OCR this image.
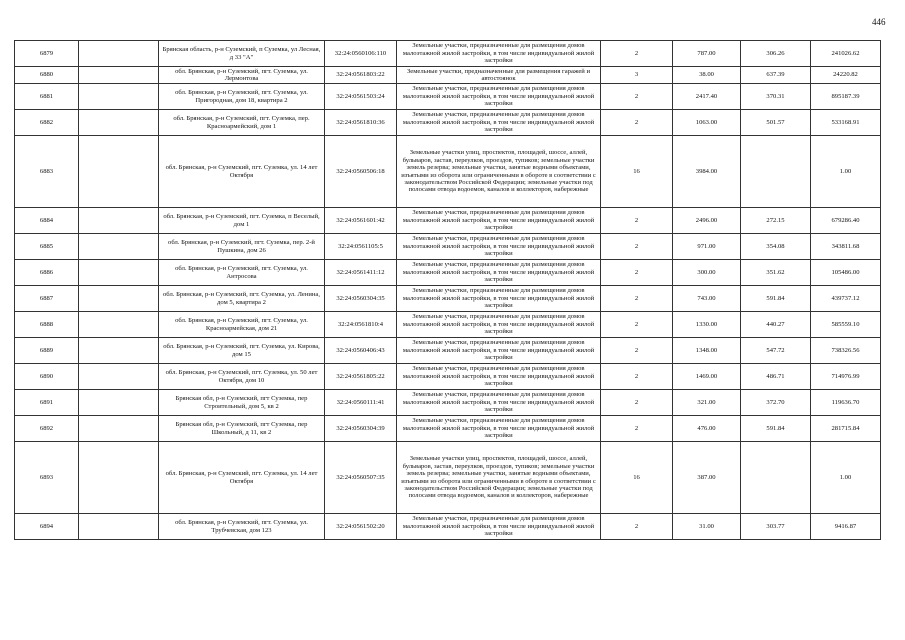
446
6879		Брянская область, р-н Суземский, п Суземка, ул Лесная, д 33 "А"	32:24:0560106:110	Земельные участки, предназначенные для размещения домов малоэтажной жилой застройки, в том числе индивидуальной жилой застройки	2	787.00	306.26	241026.62
6880		обл. Брянская, р-н Суземский, пгт. Суземка, ул. Лермонтова	32:24:0561803:22	Земельные участки, предназначенные для размещения гаражей и автостоянок	3	38.00	637.39	24220.82
6881		обл. Брянская, р-н Суземский, пгт. Суземка, ул. Пригородная, дом 18, квартира 2	32:24:0561503:24	Земельные участки, предназначенные для размещения домов малоэтажной жилой застройки, в том числе индивидуальной жилой застройки	2	2417.40	370.31	895187.39
6882		обл. Брянская, р-н Суземский, пгт. Суземка, пер. Красноармейский, дом 1	32:24:0561810:36	Земельные участки, предназначенные для размещения домов малоэтажной жилой застройки, в том числе индивидуальной жилой застройки	2	1063.00	501.57	533168.91
6883		обл. Брянская, р-н Суземский, пгт. Суземка, ул. 14 лет Октября	32:24:0560506:18	Земельные участки улиц, проспектов, площадей, шоссе, аллей, бульваров, застав, переулков, проездов, тупиков; земельные участки земель резерва; земельные участки, занятые водными объектами, изъятыми из оборота или ограниченными в обороте в соответствии с законодательством Российской Федерации; земельные участки под полосами отвода водоемов, каналов и коллекторов, набережные	16	3984.00		1.00
6884		обл. Брянская, р-н Суземский, пгт. Суземка, п Веселый, дом 1	32:24:0561601:42	Земельные участки, предназначенные для размещения домов малоэтажной жилой застройки, в том числе индивидуальной жилой застройки	2	2496.00	272.15	679286.40
6885		обл. Брянская, р-н Суземский, пгт. Суземка, пер. 2-й Пушкина, дом 26	32:24:0561105:5	Земельные участки, предназначенные для размещения домов малоэтажной жилой застройки, в том числе индивидуальной жилой застройки	2	971.00	354.08	343811.68
6886		обл. Брянская, р-н Суземский, пгт. Суземка, ул. Антросова	32:24:0561411:12	Земельные участки, предназначенные для размещения домов малоэтажной жилой застройки, в том числе индивидуальной жилой застройки	2	300.00	351.62	105486.00
6887		обл. Брянская, р-н Суземский, пгт. Суземка, ул. Ленина, дом 5, квартира 2	32:24:0560304:35	Земельные участки, предназначенные для размещения домов малоэтажной жилой застройки, в том числе индивидуальной жилой застройки	2	743.00	591.84	439737.12
6888		обл. Брянская, р-н Суземский, пгт. Суземка, ул. Красноармейская, дом 21	32:24:0561810:4	Земельные участки, предназначенные для размещения домов малоэтажной жилой застройки, в том числе индивидуальной жилой застройки	2	1330.00	440.27	585559.10
6889		обл. Брянская, р-н Суземский, пгт. Суземка, ул. Кирова, дом 15	32:24:0560406:43	Земельные участки, предназначенные для размещения домов малоэтажной жилой застройки, в том числе индивидуальной жилой застройки	2	1348.00	547.72	738326.56
6890		обл. Брянская, р-н Суземский, пгт. Суземка, ул. 50 лет Октября, дом 10	32:24:0561805:22	Земельные участки, предназначенные для размещения домов малоэтажной жилой застройки, в том числе индивидуальной жилой застройки	2	1469.00	486.71	714976.99
6891		Брянская обл, р-н Суземский, пгт Суземка, пер Строительный, дом 5, кв 2	32:24:0560111:41	Земельные участки, предназначенные для размещения домов малоэтажной жилой застройки, в том числе индивидуальной жилой застройки	2	321.00	372.70	119636.70
6892		Брянская обл, р-н Суземский, пгт Суземка, пер Школьный, д 11, кв 2	32:24:0560304:39	Земельные участки, предназначенные для размещения домов малоэтажной жилой застройки, в том числе индивидуальной жилой застройки	2	476.00	591.84	281715.84
6893		обл. Брянская, р-н Суземский, пгт. Суземка, ул. 14 лет Октября	32:24:0560507:35	Земельные участки улиц, проспектов, площадей, шоссе, аллей, бульваров, застав, переулков, проездов, тупиков; земельные участки земель резерва; земельные участки, занятые водными объектами, изъятыми из оборота или ограниченными в обороте в соответствии с законодательством Российской Федерации; земельные участки под полосами отвода водоемов, каналов и коллекторов, набережные	16	387.00		1.00
6894		обл. Брянская, р-н Суземский, пгт. Суземка, ул. Трубчевская, дом 123	32:24:0561502:20	Земельные участки, предназначенные для размещения домов малоэтажной жилой застройки, в том числе индивидуальной жилой застройки	2	31.00	303.77	9416.87
